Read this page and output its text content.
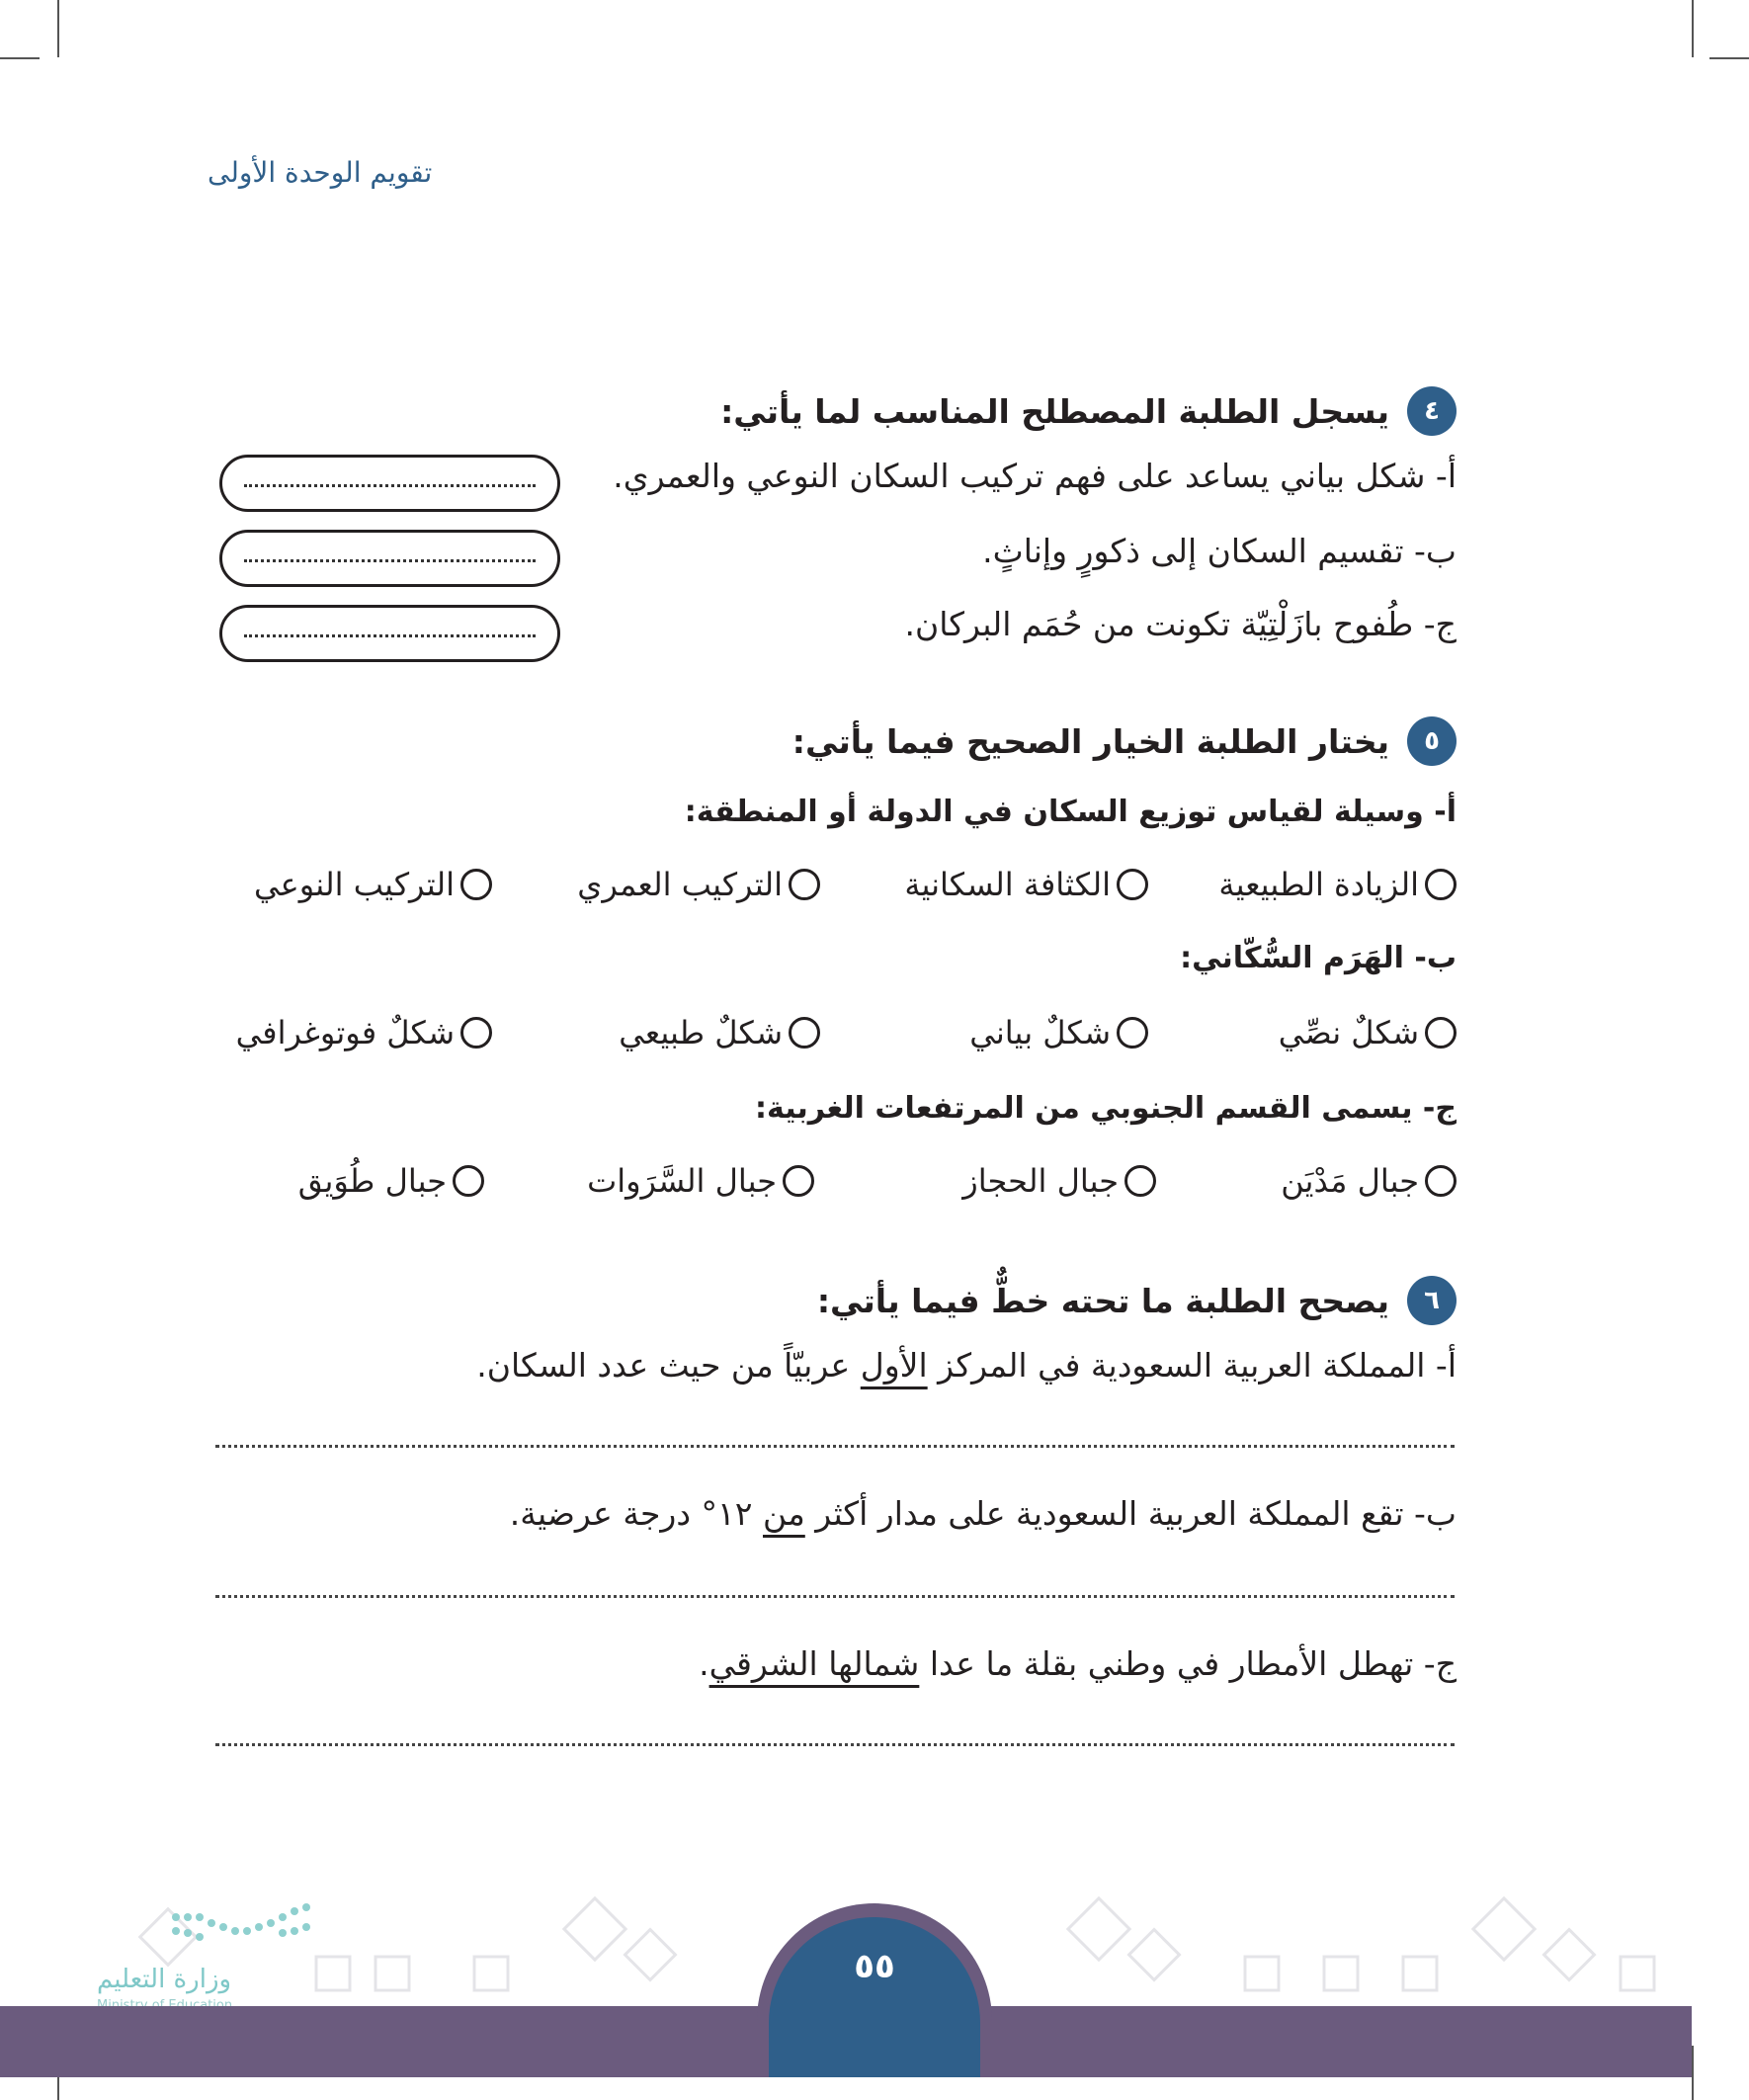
تقويم الوحدة الأولى
٤
يسجل الطلبة المصطلح المناسب لما يأتي:
أ- شكل بياني يساعد على فهم تركيب السكان النوعي والعمري.
ب- تقسيم السكان إلى ذكورٍ وإناثٍ.
ج- طُفوح بازَلْتِيّة تكونت من حُمَم البركان.
٥
يختار الطلبة الخيار الصحيح فيما يأتي:
أ- وسيلة لقياس توزيع السكان في الدولة أو المنطقة:
الزيادة الطبيعية
الكثافة السكانية
التركيب العمري
التركيب النوعي
ب- الهَرَم السُّكّاني:
شكلٌ نصِّي
شكلٌ بياني
شكلٌ طبيعي
شكلٌ فوتوغرافي
ج- يسمى القسم الجنوبي من المرتفعات الغربية:
جبال مَدْيَن
جبال الحجاز
جبال السَّرَوات
جبال طُوَيق
٦
يصحح الطلبة ما تحته خطٌّ فيما يأتي:
أ- المملكة العربية السعودية في المركز الأول عربيّاً من حيث عدد السكان.
ب- تقع المملكة العربية السعودية على مدار أكثر من ١٢° درجة عرضية.
ج- تهطل الأمطار في وطني بقلة ما عدا شمالها الشرقي.
وزارة التعليم	٥٥
